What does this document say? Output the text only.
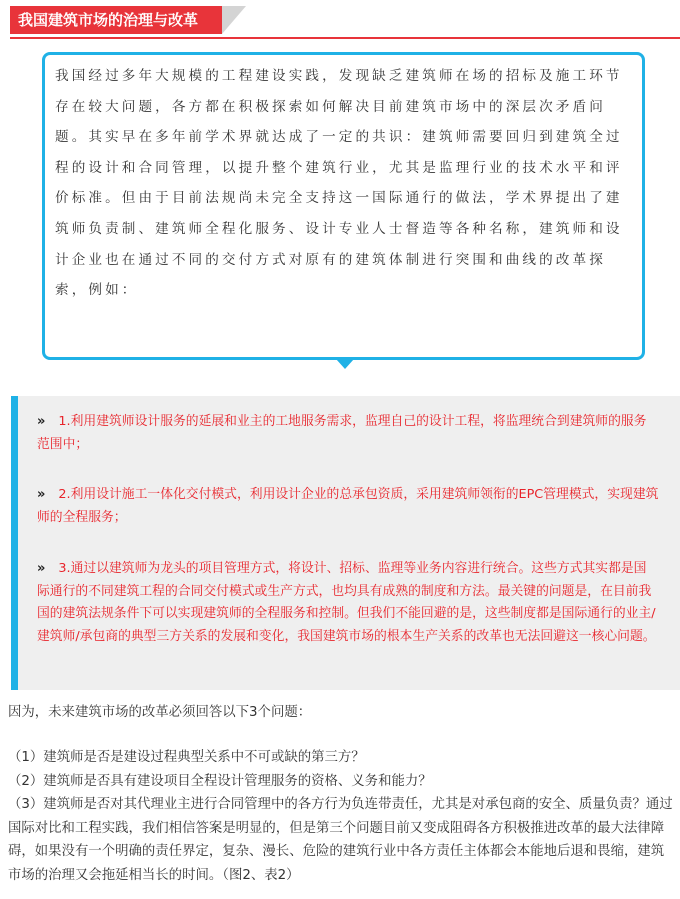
我国建筑市场的治理与改革
我国经过多年大规模的工程建设实践，发现缺乏建筑师在场的招标及施工环节存在较大问题，各方都在积极探索如何解决目前建筑市场中的深层次矛盾问题。其实早在多年前学术界就达成了一定的共识：建筑师需要回归到建筑全过程的设计和合同管理，以提升整个建筑行业，尤其是监理行业的技术水平和评价标准。但由于目前法规尚未完全支持这一国际通行的做法，学术界提出了建筑师负责制、建筑师全程化服务、设计专业人士督造等各种名称，建筑师和设计企业也在通过不同的交付方式对原有的建筑体制进行突围和曲线的改革探索，例如：
» 1.利用建筑师设计服务的延展和业主的工地服务需求，监理自己的设计工程，将监理统合到建筑师的服务范围中；
» 2.利用设计施工一体化交付模式，利用设计企业的总承包资质，采用建筑师领衔的EPC管理模式，实现建筑师的全程服务；
» 3.通过以建筑师为龙头的项目管理方式，将设计、招标、监理等业务内容进行统合。这些方式其实都是国际通行的不同建筑工程的合同交付模式或生产方式，也均具有成熟的制度和方法。最关键的问题是，在目前我国的建筑法规条件下可以实现建筑师的全程服务和控制。但我们不能回避的是，这些制度都是国际通行的业主/建筑师/承包商的典型三方关系的发展和变化，我国建筑市场的根本生产关系的改革也无法回避这一核心问题。
因为，未来建筑市场的改革必须回答以下3个问题：
（1）建筑师是否是建设过程典型关系中不可或缺的第三方？
（2）建筑师是否具有建设项目全程设计管理服务的资格、义务和能力？
（3）建筑师是否对其代理业主进行合同管理中的各方行为负连带责任，尤其是对承包商的安全、质量负责？通过国际对比和工程实践，我们相信答案是明显的，但是第三个问题目前又变成阻碍各方积极推进改革的最大法律障碍，如果没有一个明确的责任界定，复杂、漫长、危险的建筑行业中各方责任主体都会本能地后退和畏缩，建筑市场的治理又会拖延相当长的时间。（图2、表2）
